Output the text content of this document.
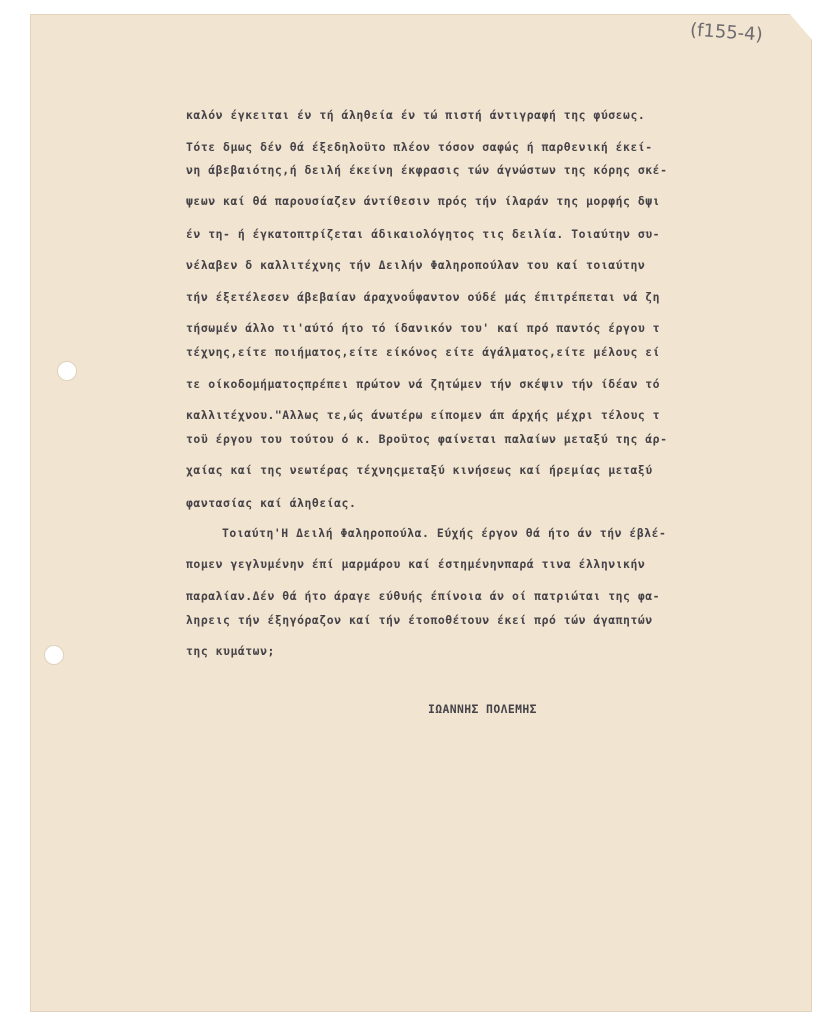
(f155-4)
καλόν έγκειται έν τή άληθεία έν τώ πιστή άντιγραφή της φύσεως.
Τότε δμως δέν θά έξεδηλοϋτο πλέον τόσον σαφώς ή παρθενική έκεί-
νη άβεβαιότης,ή δειλή έκείνη έκφρασις τών άγνώστων της κόρης σκέ-
ψεων καί θά παρουσίαζεν άντίθεσιν πρός τήν ίλαράν της μορφής δψι
έν τη- ή έγκατοπτρίζεται άδικαιολόγητος τις δειλία. Τοιαύτην συ-
νέλαβεν δ καλλιτέχνης τήν Δειλήν Φαληροπούλαν του καί τοιαύτην
τήν έξετέλεσεν άβεβαίαν άραχνοΰφαντον ούδέ μάς έπιτρέπεται νά ζη
τήσωμέν άλλο τι'αύτό ήτο τό ίδανικόν του' καί πρό παντός έργου τ
τέχνης,είτε ποιήματος,είτε είκόνος είτε άγάλματος,είτε μέλους εί
τε οίκοδομήματοςπρέπει πρώτον νά ζητώμεν τήν σκέψιν τήν ίδέαν τό
καλλιτέχνου."Αλλως τε,ώς άνωτέρω είπομεν άπ άρχής μέχρι τέλους τ
τοϋ έργου του τούτου ό κ. Βροϋτος φαίνεται παλαίων μεταξύ της άρ-
χαίας καί της νεωτέρας τέχνηςμεταξύ κινήσεως καί ήρεμίας μεταξύ
φαντασίας καί άληθείας.
Τοιαύτη'Η Δειλή Φαληροπούλα. Εύχής έργον θά ήτο άν τήν έβλέ-
πομεν γεγλυμένην έπί μαρμάρου καί έστημένηνπαρά τινα έλληνικήν
παραλίαν.Δέν θά ήτο άραγε εύθυής έπίνοια άν οί πατριώται της φα-
ληρεις τήν έξηγόραζον καί τήν έτοποθέτουν έκεί πρό τών άγαπητών
της κυμάτων;
ΙΩΑΝΝΗΣ ΠΟΛΕΜΗΣ
